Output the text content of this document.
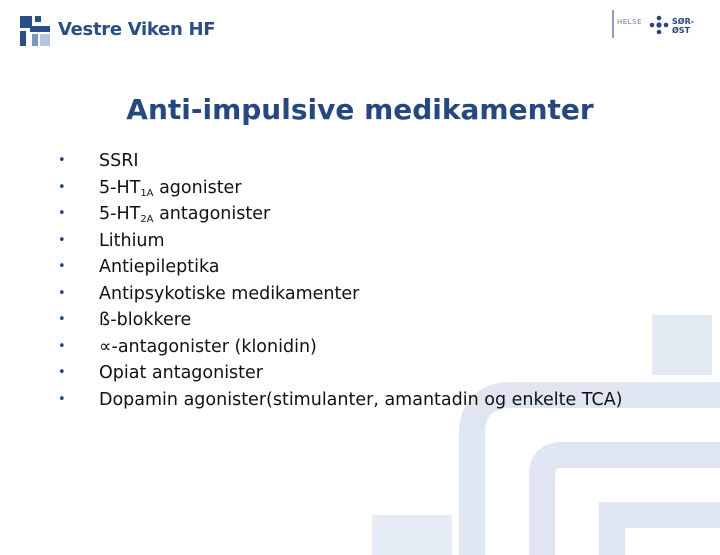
Vestre Viken HF	HELSE	SØR-ØST
Anti-impulsive medikamenter
• SSRI
• $5-HT_{1A}$ agonister
• $5-HT_{2A}$ antagonister
• Lithium
• Antiepileptika
• Antipsykotiske medikamenter
• ß-blokkere
• ∝-antagonister (klonidin)
• Opiat antagonister
• Dopamin agonister(stimulanter, amantadin og enkelte TCA)
